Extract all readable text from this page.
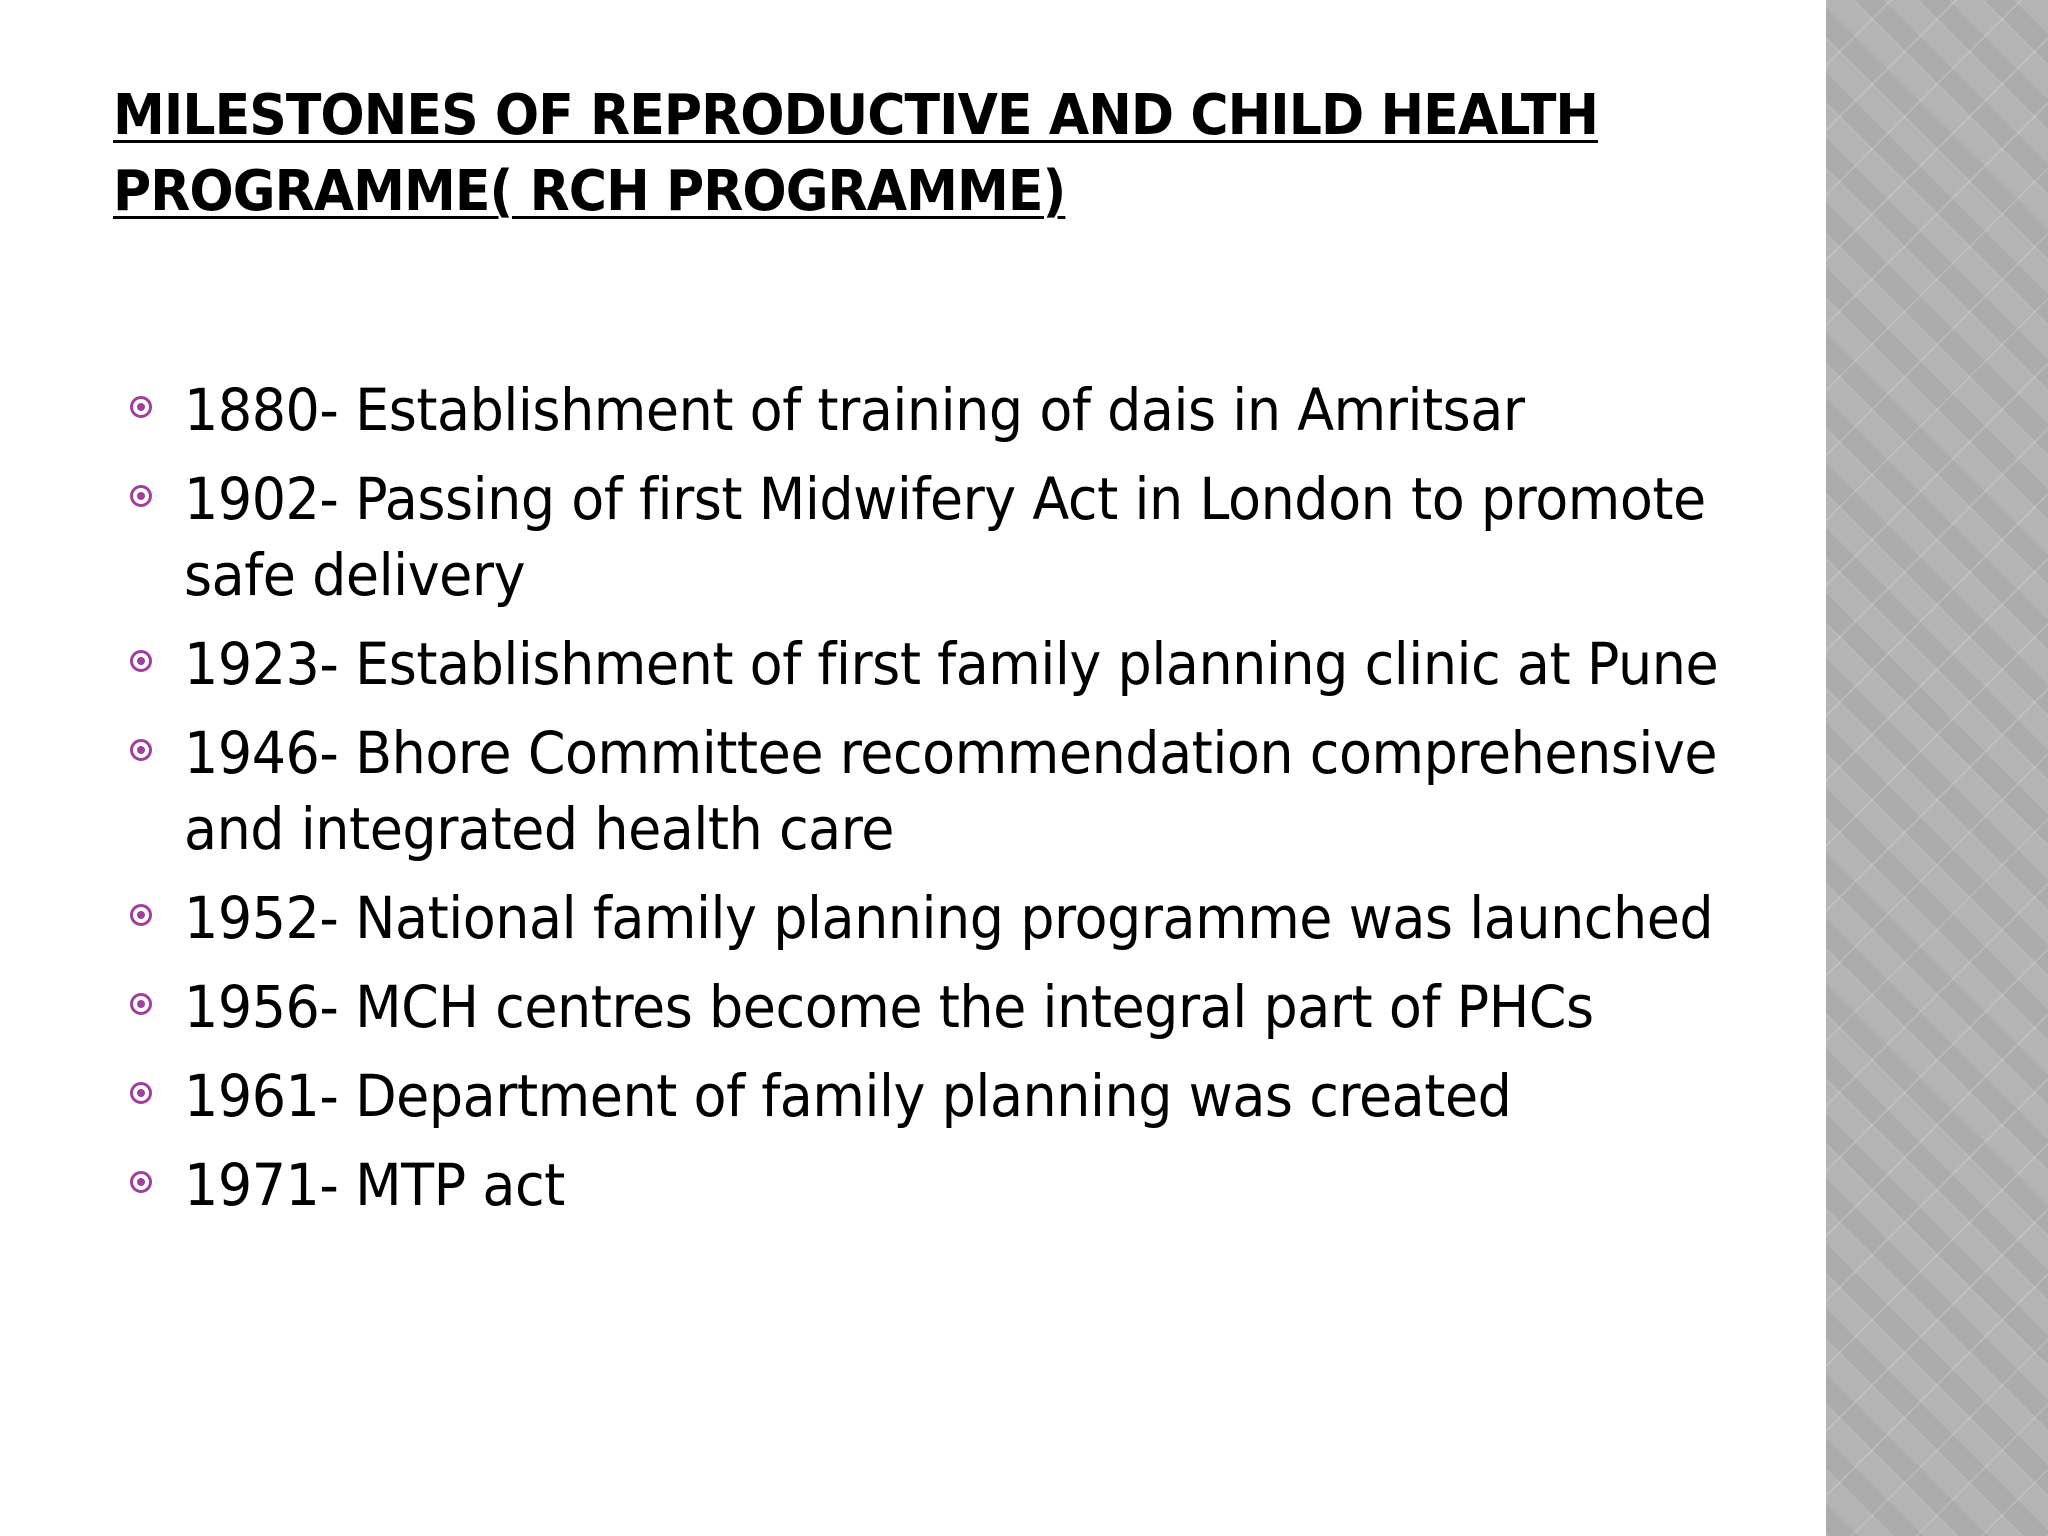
MILESTONES OF REPRODUCTIVE AND CHILD HEALTH PROGRAMME( RCH PROGRAMME)
1880- Establishment of training of dais in Amritsar
1902- Passing of first Midwifery Act in London to promote safe delivery
1923- Establishment of first family planning clinic at Pune
1946- Bhore Committee recommendation comprehensive and integrated health care
1952- National family planning programme was launched
1956- MCH centres become the integral part of PHCs
1961- Department of family planning was created
1971- MTP act
